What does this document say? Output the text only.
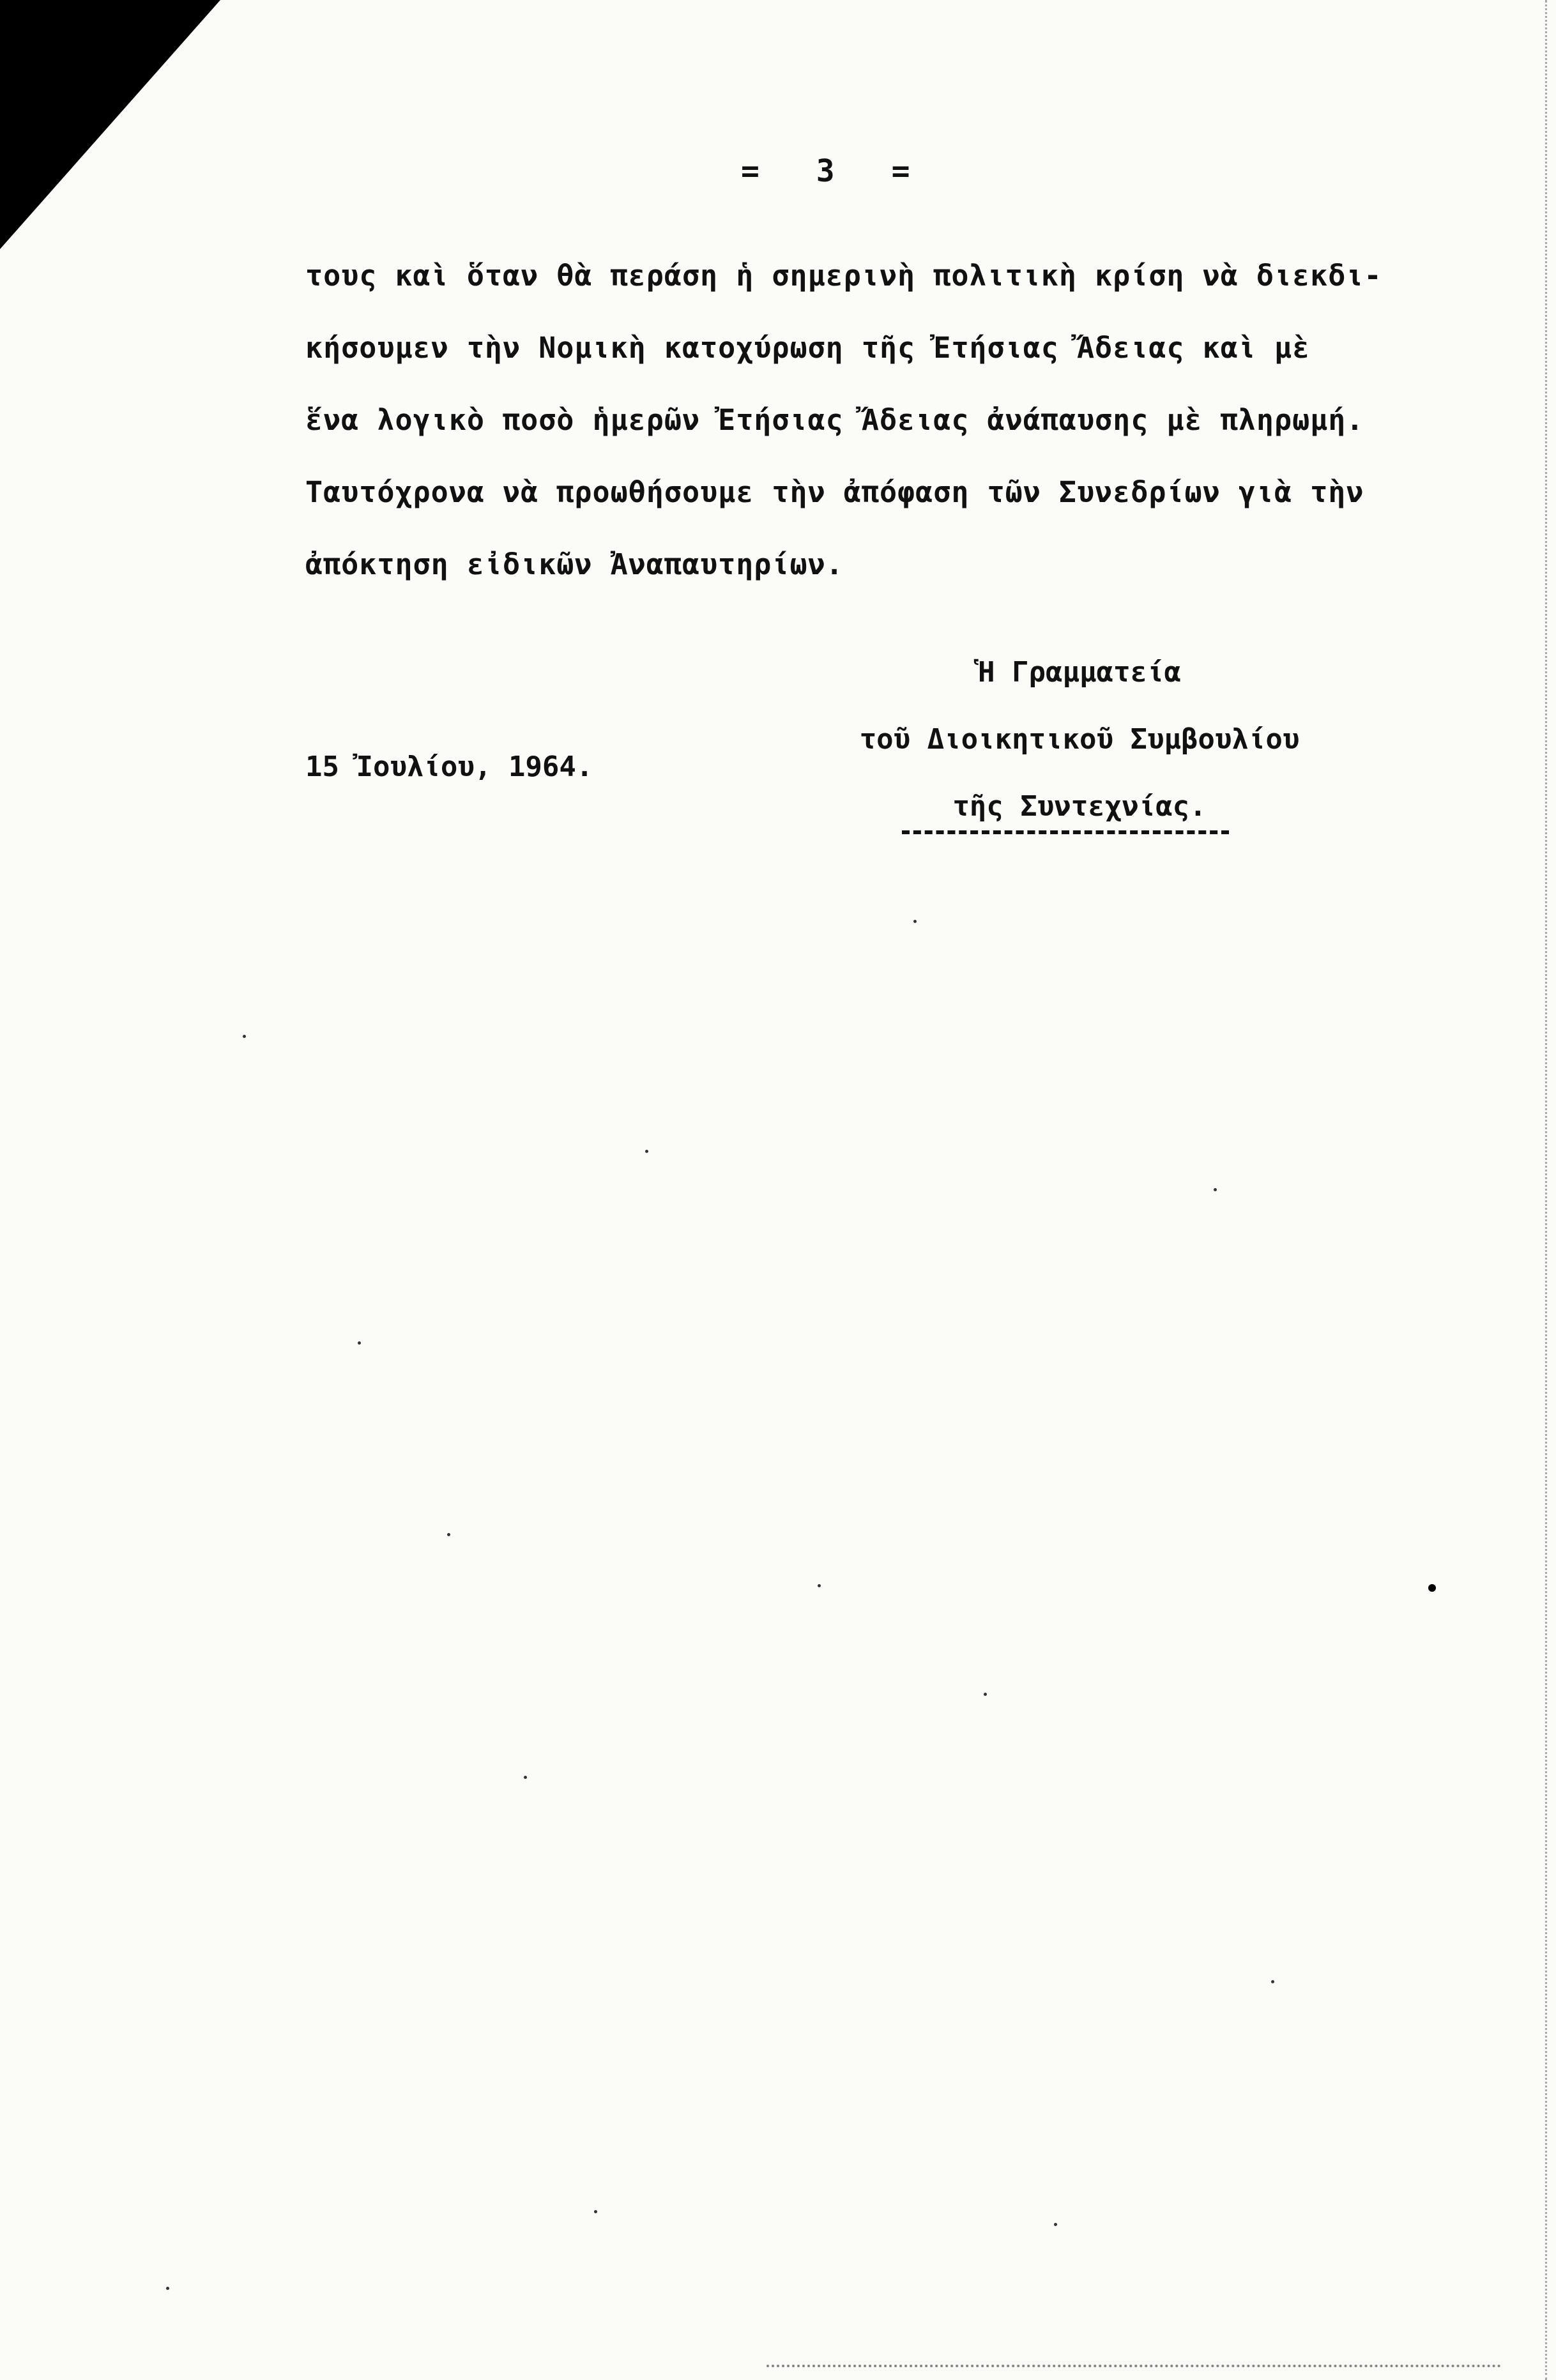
= 3 =
τους καὶ ὅταν θὰ περάση ἡ σημερινὴ πολιτικὴ κρίση νὰ διεκδι-
κήσουμεν τὴν Νομικὴ κατοχύρωση τῆς Ἐτήσιας Ἄδειας καὶ μὲ
ἕνα λογικὸ ποσὸ ἡμερῶν Ἐτήσιας Ἄδειας ἀνάπαυσης μὲ πληρωμή.
Ταυτόχρονα νὰ προωθήσουμε τὴν ἀπόφαση τῶν Συνεδρίων γιὰ τὴν
ἀπόκτηση εἰδικῶν Ἀναπαυτηρίων.
Ἡ Γραμματεία
τοῦ Διοικητικοῦ Συμβουλίου
τῆς Συντεχνίας.
15 Ἰουλίου, 1964.
